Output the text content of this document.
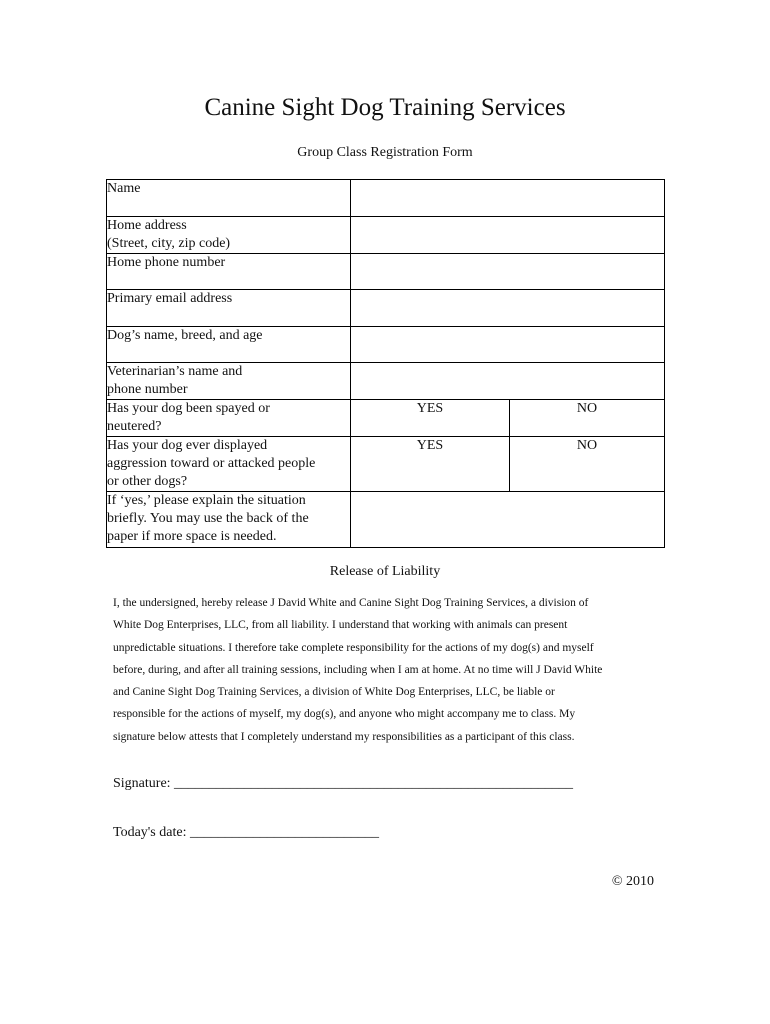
Canine Sight Dog Training Services
Group Class Registration Form
Name		

Home address
(Street, city, zip code)		

Home phone number		
Primary email address		
Dog’s name, breed, and age		

Veterinarian’s name and
phone number		

Has your dog been spayed or
neutered?	YES	NO

Has your dog ever displayed
aggression toward or attacked people
or other dogs?	YES	NO

If ‘yes,’ please explain the situation
briefly. You may use the back of the
paper if more space is needed.		

Release of Liability

I, the undersigned, hereby release J David White and Canine Sight Dog Training Services, a division of

White Dog Enterprises, LLC, from all liability. I understand that working with animals can present

unpredictable situations. I therefore take complete responsibility for the actions of my dog(s) and myself

before, during, and after all training sessions, including when I am at home. At no time will J David White

and Canine Sight Dog Training Services, a division of White Dog Enterprises, LLC, be liable or

responsible for the actions of myself, my dog(s), and anyone who might accompany me to class. My

signature below attests that I completely understand my responsibilities as a participant of this class.

Signature: _________________________________________________________
Today's date: ___________________________
© 2010
